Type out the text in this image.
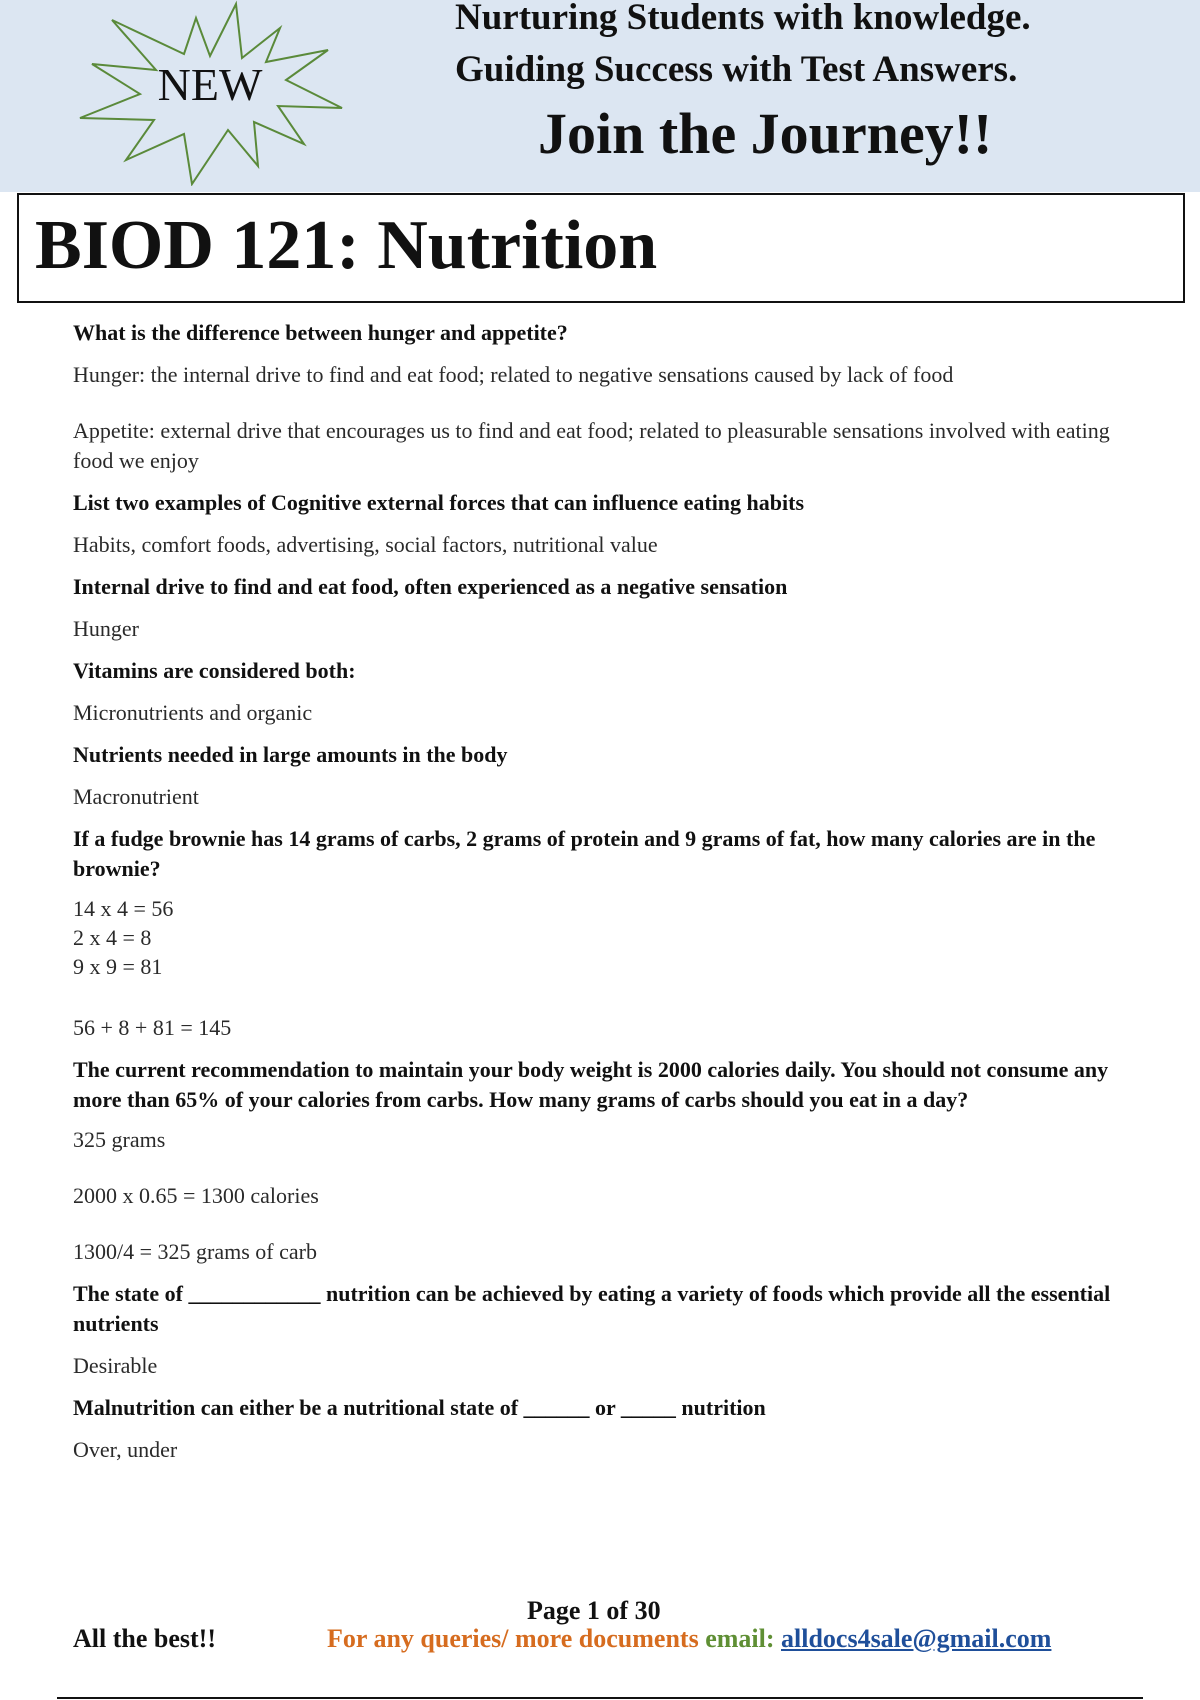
NEW
Nurturing Students with knowledge.
Guiding Success with Test Answers.
Join the Journey!!
BIOD 121: Nutrition

What is the difference between hunger and appetite?

Hunger: the internal drive to find and eat food; related to negative sensations caused by lack of food

Appetite: external drive that encourages us to find and eat food; related to pleasurable sensations involved with eating food we enjoy

List two examples of Cognitive external forces that can influence eating habits

Habits, comfort foods, advertising, social factors, nutritional value

Internal drive to find and eat food, often experienced as a negative sensation

Hunger

Vitamins are considered both:

Micronutrients and organic

Nutrients needed in large amounts in the body

Macronutrient

If a fudge brownie has 14 grams of carbs, 2 grams of protein and 9 grams of fat, how many calories are in the brownie?

14 x 4 = 56
2 x 4 = 8
9 x 9 = 81

56 + 8 + 81 = 145

The current recommendation to maintain your body weight is 2000 calories daily. You should not consume any more than 65% of your calories from carbs. How many grams of carbs should you eat in a day?

325 grams

2000 x 0.65 = 1300 calories

1300/4 = 325 grams of carb

The state of ____________ nutrition can be achieved by eating a variety of foods which provide all the essential nutrients

Desirable

Malnutrition can either be a nutritional state of ______ or _____ nutrition

Over, under

Page 1 of 30
All the best!!	For any queries/ more documents email: alldocs4sale@gmail.com
